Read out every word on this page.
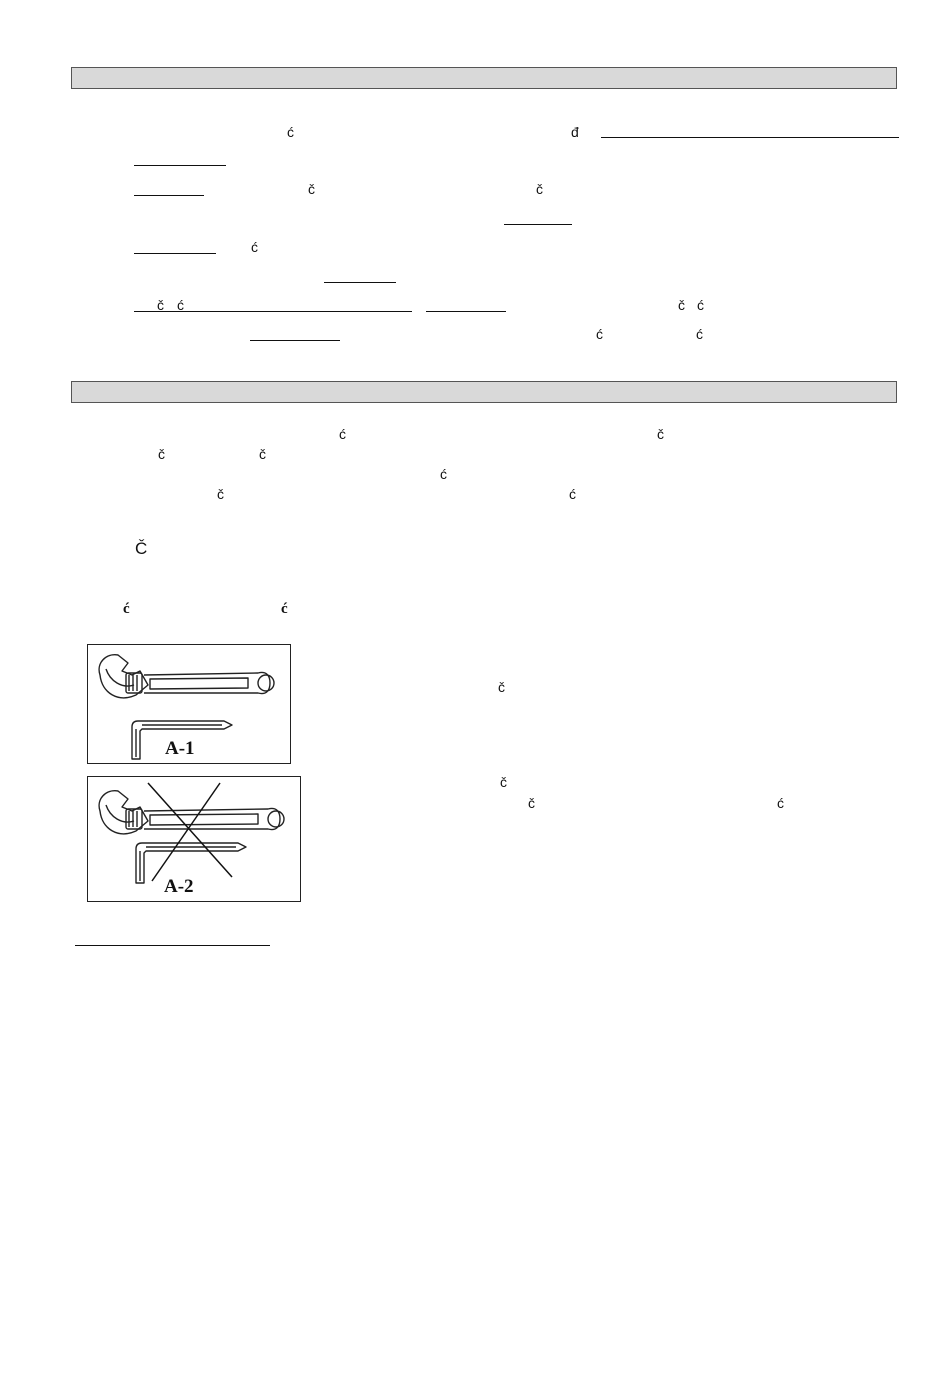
ć	đ
č	č
ć
č ć	č ć
ć	ć
ć	č
č	č
ć
č	ć
Č
ć	ć
A-1
A-2
č
č
č	ć
